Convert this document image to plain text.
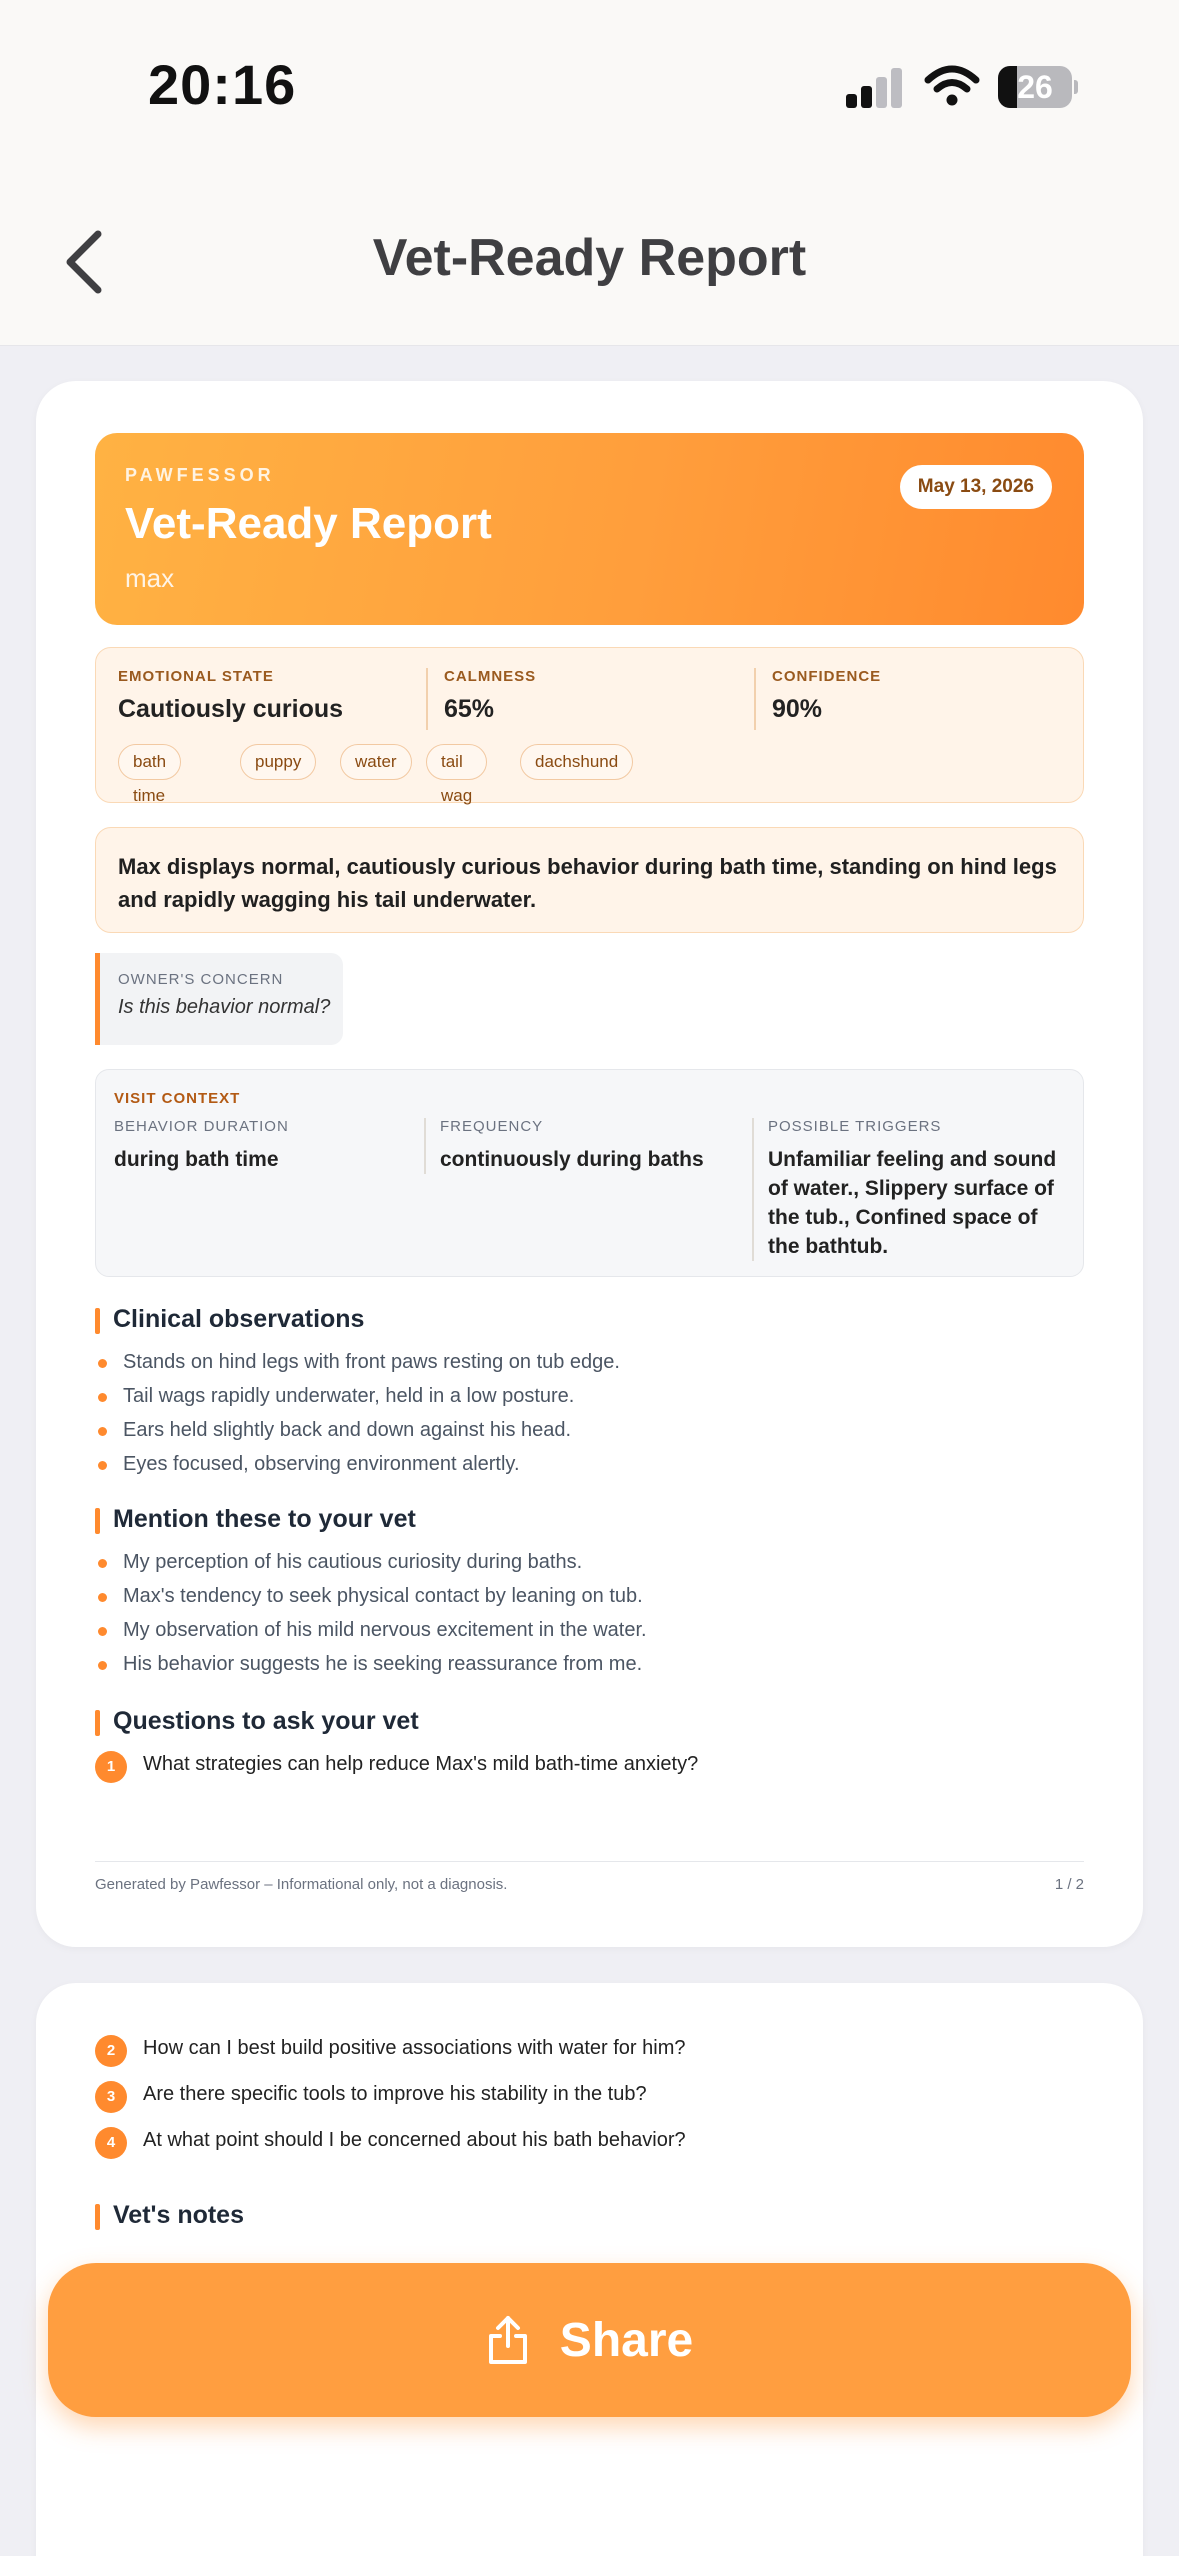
20:16	26
Vet-Ready Report
PAWFESSOR
Vet-Ready Report
max
May 13, 2026
EMOTIONAL STATE
Cautiously curious
CALMNESS
65%
CONFIDENCE
90%
bath time
puppy	water	tail wag
dachshund
Max displays normal, cautiously curious behavior during bath time, standing on hind legs and rapidly wagging his tail underwater.
OWNER'S CONCERN
Is this behavior normal?
VISIT CONTEXT
BEHAVIOR DURATION
during bath time
FREQUENCY
continuously during baths
POSSIBLE TRIGGERS
Unfamiliar feeling and sound of water., Slippery surface of the tub., Confined space of the bathtub.
Clinical observations
Stands on hind legs with front paws resting on tub edge.
Tail wags rapidly underwater, held in a low posture.
Ears held slightly back and down against his head.
Eyes focused, observing environment alertly.
Mention these to your vet
My perception of his cautious curiosity during baths.
Max's tendency to seek physical contact by leaning on tub.
My observation of his mild nervous excitement in the water.
His behavior suggests he is seeking reassurance from me.
Questions to ask your vet
1	What strategies can help reduce Max's mild bath-time anxiety?
Generated by Pawfessor – Informational only, not a diagnosis.	1 / 2
2	How can I best build positive associations with water for him?
3	Are there specific tools to improve his stability in the tub?
4	At what point should I be concerned about his bath behavior?
Vet's notes
Share
